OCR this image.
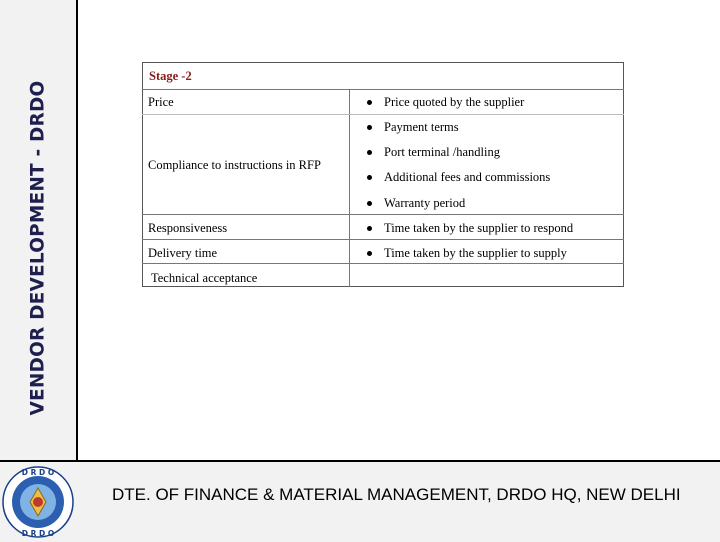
VENDOR DEVELOPMENT - DRDO
DTE. OF FINANCE & MATERIAL MANAGEMENT, DRDO HQ, NEW DELHI
D R D O
D R D O
Stage -2
Price
Compliance to instructions in RFP
Responsiveness
Delivery time
Technical acceptance
Price quoted by the supplier
Payment terms
Port terminal /handling
Additional fees and commissions
Warranty period
Time taken by the supplier to respond
Time taken by the supplier to supply
